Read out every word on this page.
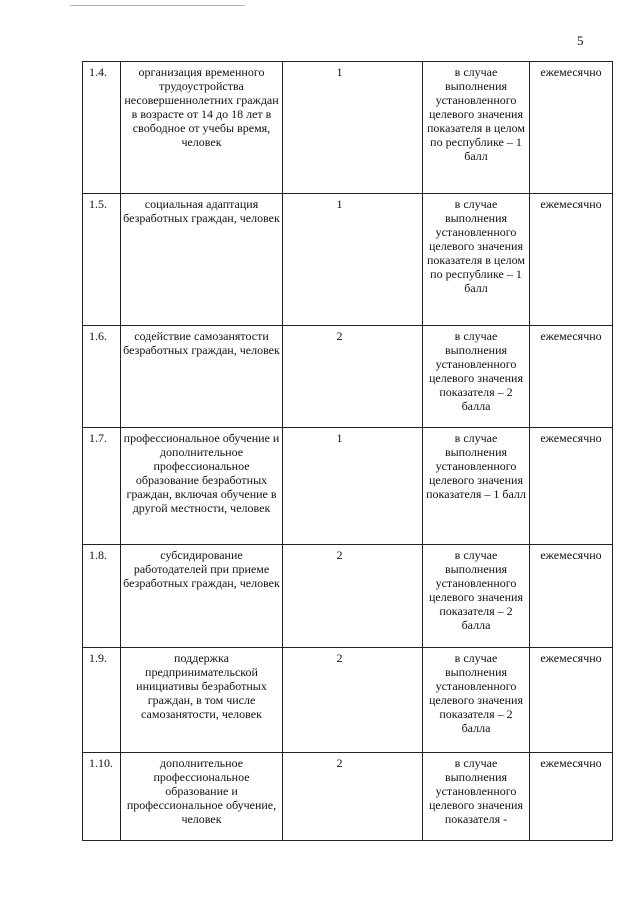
5
1.4.	организация временного трудоустройства несовершеннолетних граждан в возрасте от 14 до 18 лет в свободное от учебы время, человек	1	в случае выполнения установленного целевого значения показателя в целом по республике – 1 балл	ежемесячно
1.5.	социальная адаптация безработных граждан, человек	1	в случае выполнения установленного целевого значения показателя в целом по республике – 1 балл	ежемесячно
1.6.	содействие самозанятости безработных граждан, человек	2	в случае выполнения установленного целевого значения показателя – 2 балла	ежемесячно
1.7.	профессиональное обучение и дополнительное профессиональное образование безработных граждан, включая обучение в другой местности, человек	1	в случае выполнения установленного целевого значения показателя – 1 балл	ежемесячно
1.8.	субсидирование работодателей при приеме безработных граждан, человек	2	в случае выполнения установленного целевого значения показателя – 2 балла	ежемесячно
1.9.	поддержка предпринимательской инициативы безработных граждан, в том числе самозанятости, человек	2	в случае выполнения установленного целевого значения показателя – 2 балла	ежемесячно
1.10.	дополнительное профессиональное образование и профессиональное обучение, человек	2	в случае выполнения установленного целевого значения показателя -	ежемесячно
